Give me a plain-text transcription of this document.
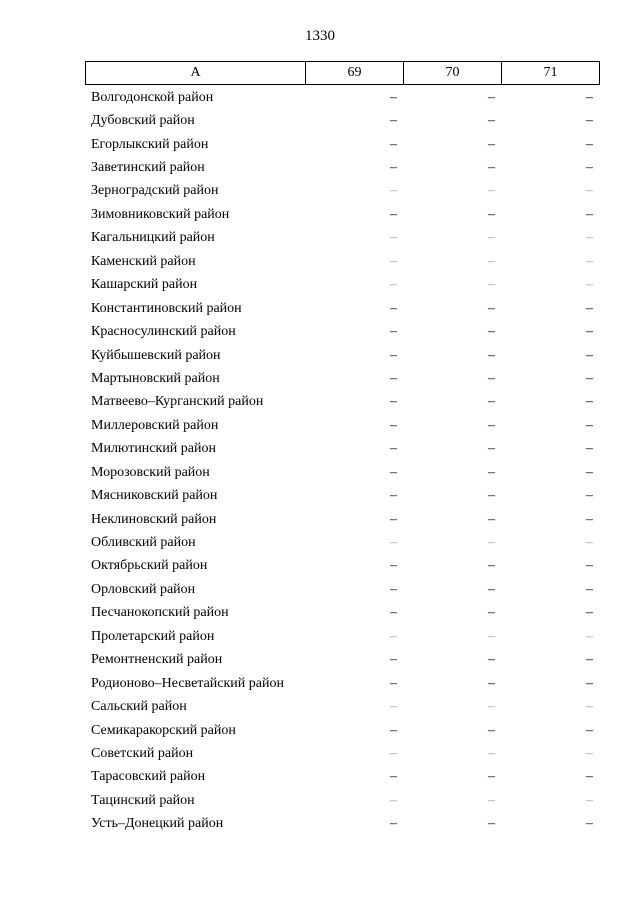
1330
А	69	70	71
Волгодонской район	–	–	–
Дубовский район	–	–	–
Егорлыкский район	–	–	–
Заветинский район	–	–	–
Зерноградский район	–	–	–
Зимовниковский район	–	–	–
Кагальницкий район	–	–	–
Каменский район	–	–	–
Кашарский район	–	–	–
Константиновский район	–	–	–
Красносулинский район	–	–	–
Куйбышевский район	–	–	–
Мартыновский район	–	–	–
Матвеево–Курганский район	–	–	–
Миллеровский район	–	–	–
Милютинский район	–	–	–
Морозовский район	–	–	–
Мясниковский район	–	–	–
Неклиновский район	–	–	–
Обливский район	–	–	–
Октябрьский район	–	–	–
Орловский район	–	–	–
Песчанокопский район	–	–	–
Пролетарский район	–	–	–
Ремонтненский район	–	–	–
Родионово–Несветайский район	–	–	–
Сальский район	–	–	–
Семикаракорский район	–	–	–
Советский район	–	–	–
Тарасовский район	–	–	–
Тацинский район	–	–	–
Усть–Донецкий район	–	–	–
